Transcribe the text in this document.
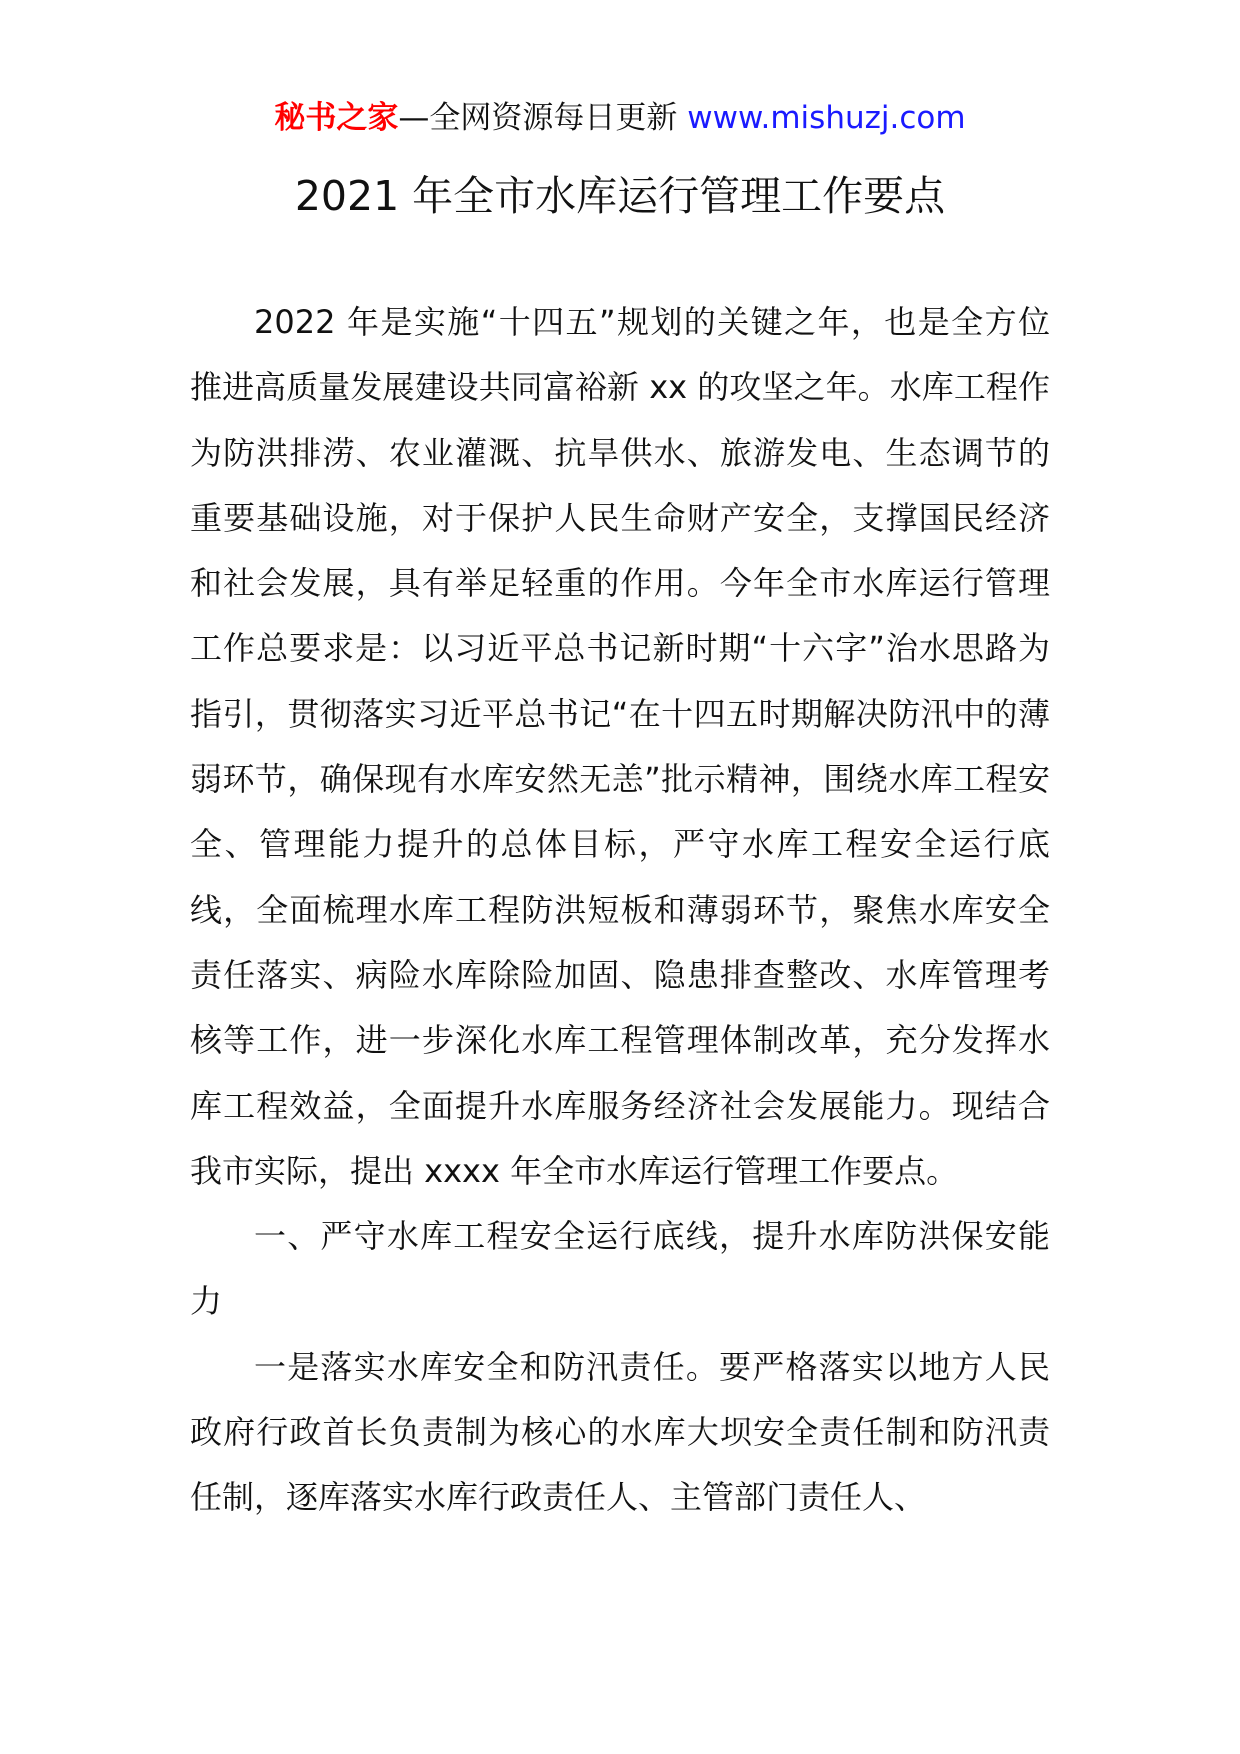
秘书之家—全网资源每日更新 www.mishuzj.com
2021 年全市水库运行管理工作要点

2022 年是实施“十四五”规划的关键之年，也是全方位推进高质量发展建设共同富裕新 xx 的攻坚之年。水库工程作为防洪排涝、农业灌溉、抗旱供水、旅游发电、生态调节的重要基础设施，对于保护人民生命财产安全，支撑国民经济和社会发展，具有举足轻重的作用。今年全市水库运行管理工作总要求是：以习近平总书记新时期“十六字”治水思路为指引，贯彻落实习近平总书记“在十四五时期解决防汛中的薄弱环节，确保现有水库安然无恙”批示精神，围绕水库工程安全、管理能力提升的总体目标，严守水库工程安全运行底线，全面梳理水库工程防洪短板和薄弱环节，聚焦水库安全责任落实、病险水库除险加固、隐患排查整改、水库管理考核等工作，进一步深化水库工程管理体制改革，充分发挥水库工程效益，全面提升水库服务经济社会发展能力。现结合我市实际，提出 xxxx 年全市水库运行管理工作要点。

一、严守水库工程安全运行底线，提升水库防洪保安能力

一是落实水库安全和防汛责任。要严格落实以地方人民政府行政首长负责制为核心的水库大坝安全责任制和防汛责任制，逐库落实水库行政责任人、主管部门责任人、
